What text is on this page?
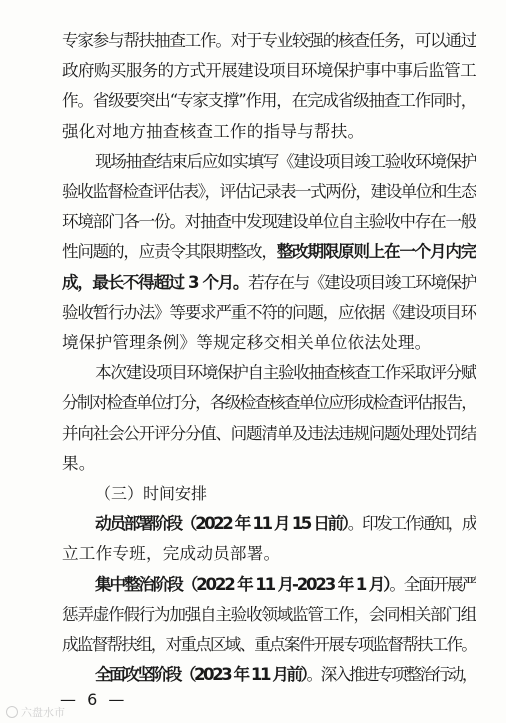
专家参与帮扶抽查工作。对于专业较强的核查任务，可以通过
政府购买服务的方式开展建设项目环境保护事中事后监管工
作。省级要突出“专家支撑”作用，在完成省级抽查工作同时，
强化对地方抽查核查工作的指导与帮扶。
现场抽查结束后应如实填写《建设项目竣工验收环境保护
验收监督检查评估表》，评估记录表一式两份，建设单位和生态
环境部门各一份。对抽查中发现建设单位自主验收中存在一般
性问题的，应责令其限期整改，整改期限原则上在一个月内完
成，最长不得超过 3 个月。若存在与《建设项目竣工环境保护
验收暂行办法》等要求严重不符的问题，应依据《建设项目环
境保护管理条例》等规定移交相关单位依法处理。
本次建设项目环境保护自主验收抽查核查工作采取评分赋
分制对检查单位打分，各级检查核查单位应形成检查评估报告，
并向社会公开评分分值、问题清单及违法违规问题处理处罚结
果。
（三）时间安排
动员部署阶段（2022 年 11 月 15 日前）。印发工作通知，成
立工作专班，完成动员部署。
集中整治阶段（2022 年 11 月-2023 年 1 月）。全面开展严
惩弄虚作假行为加强自主验收领域监管工作，会同相关部门组
成监督帮扶组，对重点区域、重点案件开展专项监督帮扶工作。
全面攻坚阶段（2023 年 11 月前）。深入推进专项整治行动，
— 6 —
六盘水市
